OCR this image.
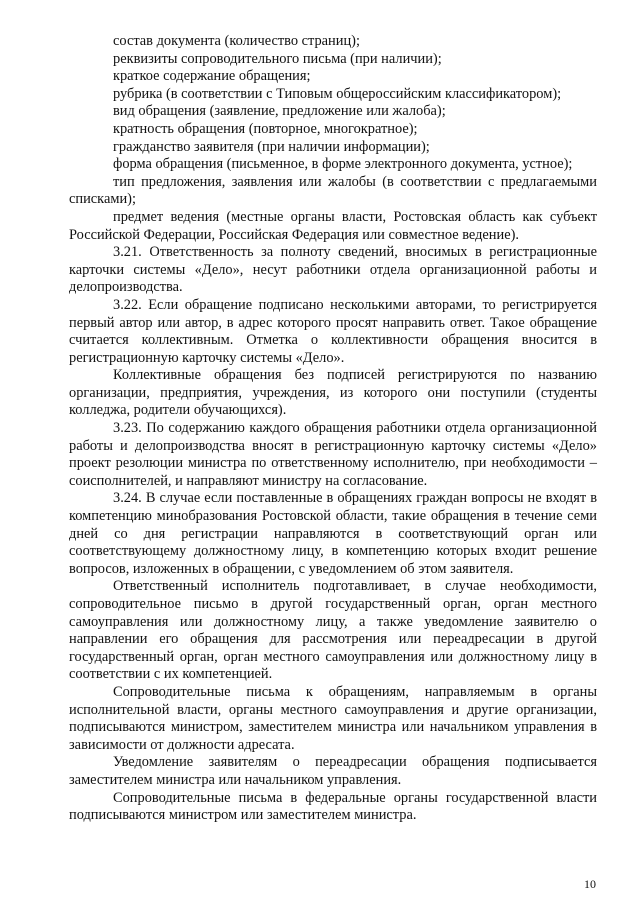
состав документа (количество страниц);

реквизиты сопроводительного письма (при наличии);

краткое содержание обращения;

рубрика (в соответствии с Типовым общероссийским классификатором);

вид обращения (заявление, предложение или жалоба);

кратность обращения (повторное, многократное);

гражданство заявителя (при наличии информации);

форма обращения (письменное, в форме электронного документа, устное);

тип предложения, заявления или жалобы (в соответствии с предлагаемыми списками);

предмет ведения (местные органы власти, Ростовская область как субъект Российской Федерации, Российская Федерация или совместное ведение).

3.21. Ответственность за полноту сведений, вносимых в регистрационные карточки системы «Дело», несут работники отдела организационной работы и делопроизводства.

3.22. Если обращение подписано несколькими авторами, то регистрируется первый автор или автор, в адрес которого просят направить ответ. Такое обращение считается коллективным. Отметка о коллективности обращения вносится в регистрационную карточку системы «Дело».

Коллективные обращения без подписей регистрируются по названию организации, предприятия, учреждения, из которого они поступили (студенты колледжа, родители обучающихся).

3.23. По содержанию каждого обращения работники отдела организационной работы и делопроизводства вносят в регистрационную карточку системы «Дело» проект резолюции министра по ответственному исполнителю, при необходимости – соисполнителей, и направляют министру на согласование.

3.24. В случае если поставленные в обращениях граждан вопросы не входят в компетенцию минобразования Ростовской области, такие обращения в течение семи дней со дня регистрации направляются в соответствующий орган или соответствующему должностному лицу, в компетенцию которых входит решение вопросов, изложенных в обращении, с уведомлением об этом заявителя.

Ответственный исполнитель подготавливает, в случае необходимости, сопроводительное письмо в другой государственный орган, орган местного самоуправления или должностному лицу, а также уведомление заявителю о направлении его обращения для рассмотрения или переадресации в другой государственный орган, орган местного самоуправления или должностному лицу в соответствии с их компетенцией.

Сопроводительные письма к обращениям, направляемым в органы исполнительной власти, органы местного самоуправления и другие организации, подписываются министром, заместителем министра или начальником управления в зависимости от должности адресата.

Уведомление заявителям о переадресации обращения подписывается заместителем министра или начальником управления.

Сопроводительные письма в федеральные органы государственной власти подписываются министром или заместителем министра.

10
